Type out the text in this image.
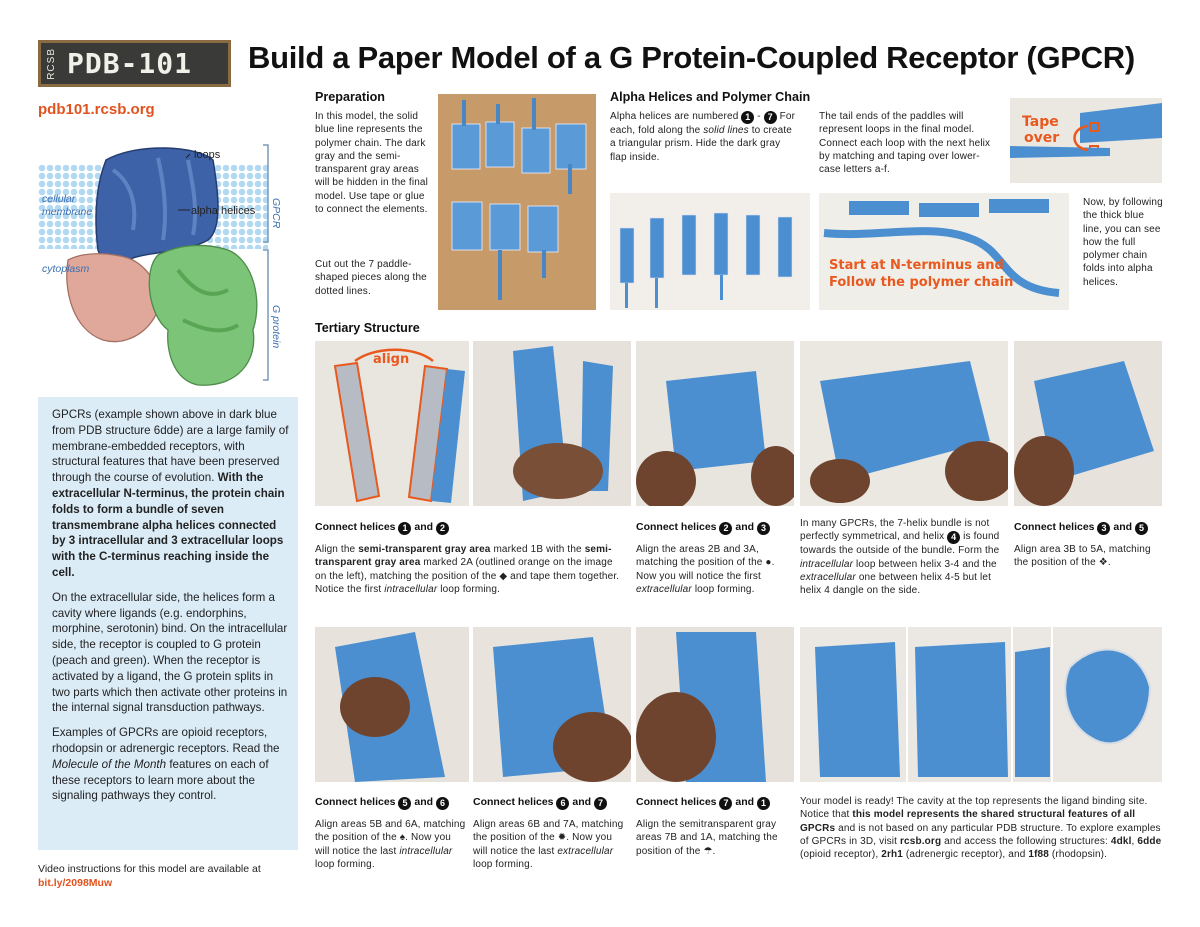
RCSB PDB-101 Build a Paper Model of a G Protein-Coupled Receptor (GPCR)
pdb101.rcsb.org
loops
alpha helices
cellular
membrane
cytoplasm
GPCR
G protein

GPCRs (example shown above in dark blue from PDB structure 6dde) are a large family of membrane-embedded receptors, with structural features that have been preserved through the course of evolution. With the extracellular N-terminus, the protein chain folds to form a bundle of seven transmembrane alpha helices connected by 3 intracellular and 3 extracellular loops with the C-terminus reaching inside the cell.

On the extracellular side, the helices form a cavity where ligands (e.g. endorphins, morphine, serotonin) bind. On the intracellular side, the receptor is coupled to G protein (peach and green). When the receptor is activated by a ligand, the G protein splits in two parts which then activate other proteins in the internal signal transduction pathways.

Examples of GPCRs are opioid receptors, rhodopsin or adrenergic receptors. Read the Molecule of the Month features on each of these receptors to learn more about the signaling pathways they control.

Video instructions for this model are available at
bit.ly/2098Muw
Preparation
In this model, the solid blue line represents the polymer chain. The dark gray and the semi-transparent gray areas will be hidden in the final model. Use tape or glue to connect the elements.
Cut out the 7 paddle-shaped pieces along the dotted lines.
Alpha Helices and Polymer Chain
Alpha helices are numbered 1 - 7 For each, fold along the solid lines to create a triangular prism. Hide the dark gray flap inside.
The tail ends of the paddles will represent loops in the final model. Connect each loop with the next helix by matching and taping over lower-case letters a-f.
Tape
over
Start at N-terminus and
Follow the polymer chain
Now, by following the thick blue line, you can see how the full polymer chain folds into alpha helices.
Tertiary Structure
align
Connect helices 1 and 2
Align the semi-transparent gray area marked 1B with the semi-transparent gray area marked 2A (outlined orange on the image on the left), matching the position of the ◆ and tape them together. Notice the first intracellular loop forming.
Connect helices 2 and 3
Align the areas 2B and 3A, matching the position of the ●. Now you will notice the first extracellular loop forming.
In many GPCRs, the 7-helix bundle is not perfectly symmetrical, and helix 4 is found towards the outside of the bundle. Form the intracellular loop between helix 3-4 and the extracellular one between helix 4-5 but let helix 4 dangle on the side.
Connect helices 3 and 5
Align area 3B to 5A, matching the position of the ❖.
Connect helices 5 and 6
Align areas 5B and 6A, matching the position of the ♠. Now you will notice the last intracellular loop forming.
Connect helices 6 and 7
Align areas 6B and 7A, matching the position of the ✹. Now you will notice the last extracellular loop forming.
Connect helices 7 and 1
Align the semitransparent gray areas 7B and 1A, matching the position of the ☂.
Your model is ready! The cavity at the top represents the ligand binding site. Notice that this model represents the shared structural features of all GPCRs and is not based on any particular PDB structure. To explore examples of GPCRs in 3D, visit rcsb.org and access the following structures: 4dkl, 6dde (opioid receptor), 2rh1 (adrenergic receptor), and 1f88 (rhodopsin).
